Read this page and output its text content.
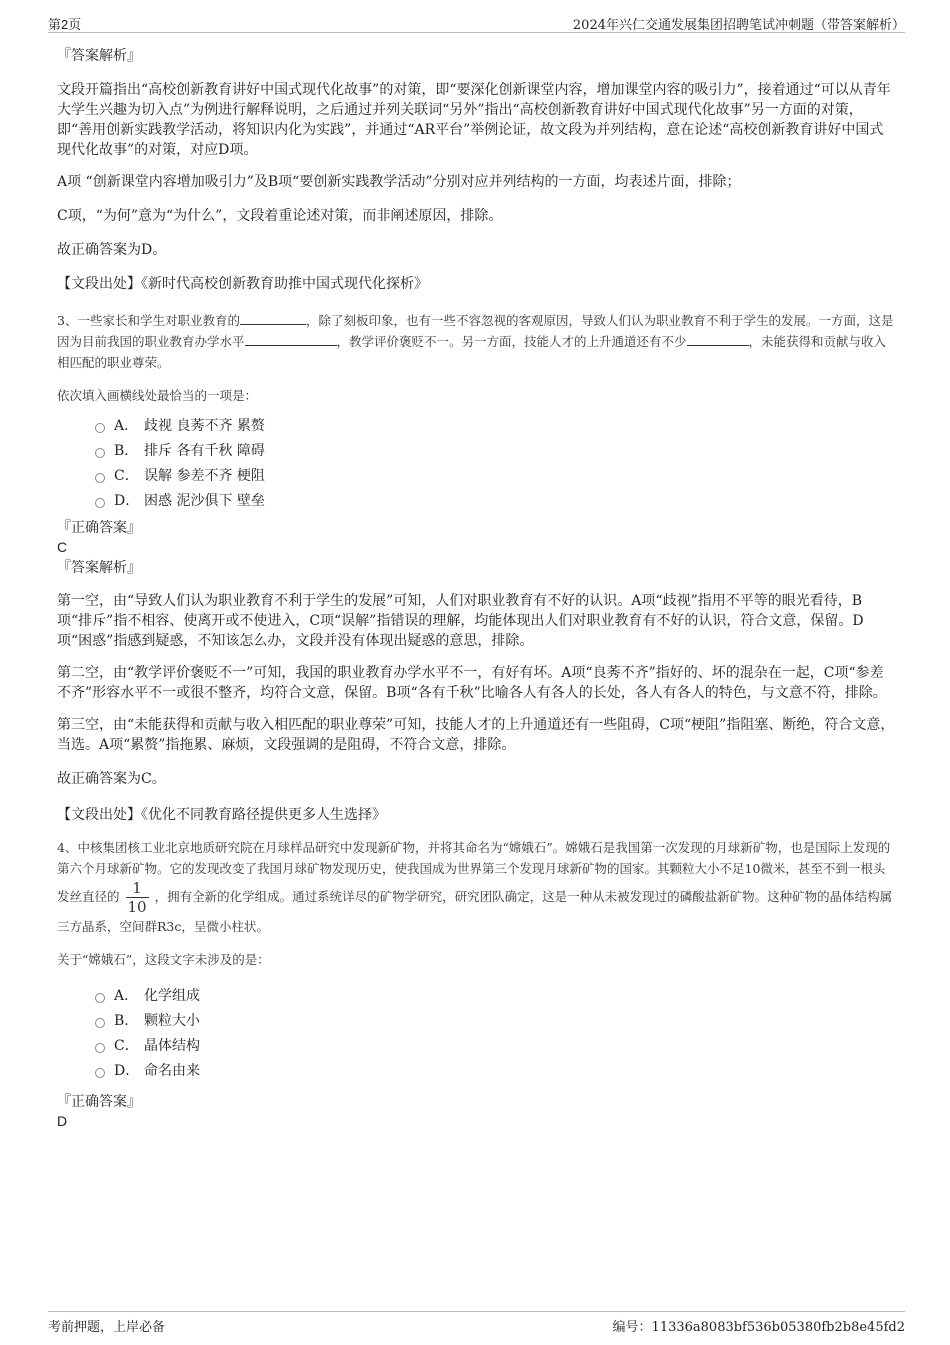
第2页	2024年兴仁交通发展集团招聘笔试冲刺题（带答案解析）
『答案解析』

文段开篇指出“高校创新教育讲好中国式现代化故事”的对策，即“要深化创新课堂内容，增加课堂内容的吸引力”，接着通过“可以从青年大学生兴趣为切入点”为例进行解释说明，之后通过并列关联词“另外”指出“高校创新教育讲好中国式现代化故事”另一方面的对策，即“善用创新实践教学活动，将知识内化为实践”，并通过“AR平台”举例论证，故文段为并列结构，意在论述“高校创新教育讲好中国式现代化故事”的对策，对应D项。

A项 “创新课堂内容增加吸引力”及B项“要创新实践教学活动”分别对应并列结构的一方面，均表述片面，排除；

C项，“为何”意为“为什么”，文段着重论述对策，而非阐述原因，排除。

故正确答案为D。

【文段出处】《新时代高校创新教育助推中国式现代化探析》

3、一些家长和学生对职业教育的	，除了刻板印象，也有一些不容忽视的客观原因，导致人们认为职业教育不利于学生的发展。一方面，这是因为目前我国的职业教育办学水平	，教学评价褒贬不一。另一方面，技能人才的上升通道还有不少	，未能获得和贡献与收入相匹配的职业尊荣。

依次填入画横线处最恰当的一项是：

A． 歧视 良莠不齐 累赘
B． 排斥 各有千秋 障碍
C． 误解 参差不齐 梗阻
D． 困惑 泥沙俱下 壁垒
『正确答案』
C
『答案解析』

第一空，由“导致人们认为职业教育不利于学生的发展”可知，人们对职业教育有不好的认识。A项“歧视”指用不平等的眼光看待，B项“排斥”指不相容、使离开或不使进入，C项“误解”指错误的理解，均能体现出人们对职业教育有不好的认识，符合文意，保留。D项“困惑”指感到疑惑，不知该怎么办，文段并没有体现出疑惑的意思，排除。

第二空，由“教学评价褒贬不一”可知，我国的职业教育办学水平不一，有好有坏。A项“良莠不齐”指好的、坏的混杂在一起，C项“参差不齐”形容水平不一或很不整齐，均符合文意，保留。B项“各有千秋”比喻各人有各人的长处，各人有各人的特色，与文意不符，排除。

第三空，由“未能获得和贡献与收入相匹配的职业尊荣”可知，技能人才的上升通道还有一些阻碍，C项“梗阻”指阻塞、断绝，符合文意，当选。A项“累赘”指拖累、麻烦，文段强调的是阻碍，不符合文意，排除。

故正确答案为C。

【文段出处】《优化不同教育路径提供更多人生选择》

4、中核集团核工业北京地质研究院在月球样品研究中发现新矿物，并将其命名为“嫦娥石”。嫦娥石是我国第一次发现的月球新矿物，也是国际上发现的第六个月球新矿物。它的发现改变了我国月球矿物发现历史，使我国成为世界第三个发现月球新矿物的国家。其颗粒大小不足10微米，甚至不到一根头发丝直径的 $\frac{1}{10}$ ，拥有全新的化学组成。通过系统详尽的矿物学研究，研究团队确定，这是一种从未被发现过的磷酸盐新矿物。这种矿物的晶体结构属三方晶系，空间群R3c，呈微小柱状。

关于“嫦娥石”，这段文字未涉及的是：

A． 化学组成
B． 颗粒大小
C． 晶体结构
D． 命名由来
『正确答案』
D
考前押题，上岸必备	编号：11336a8083bf536b05380fb2b8e45fd2
